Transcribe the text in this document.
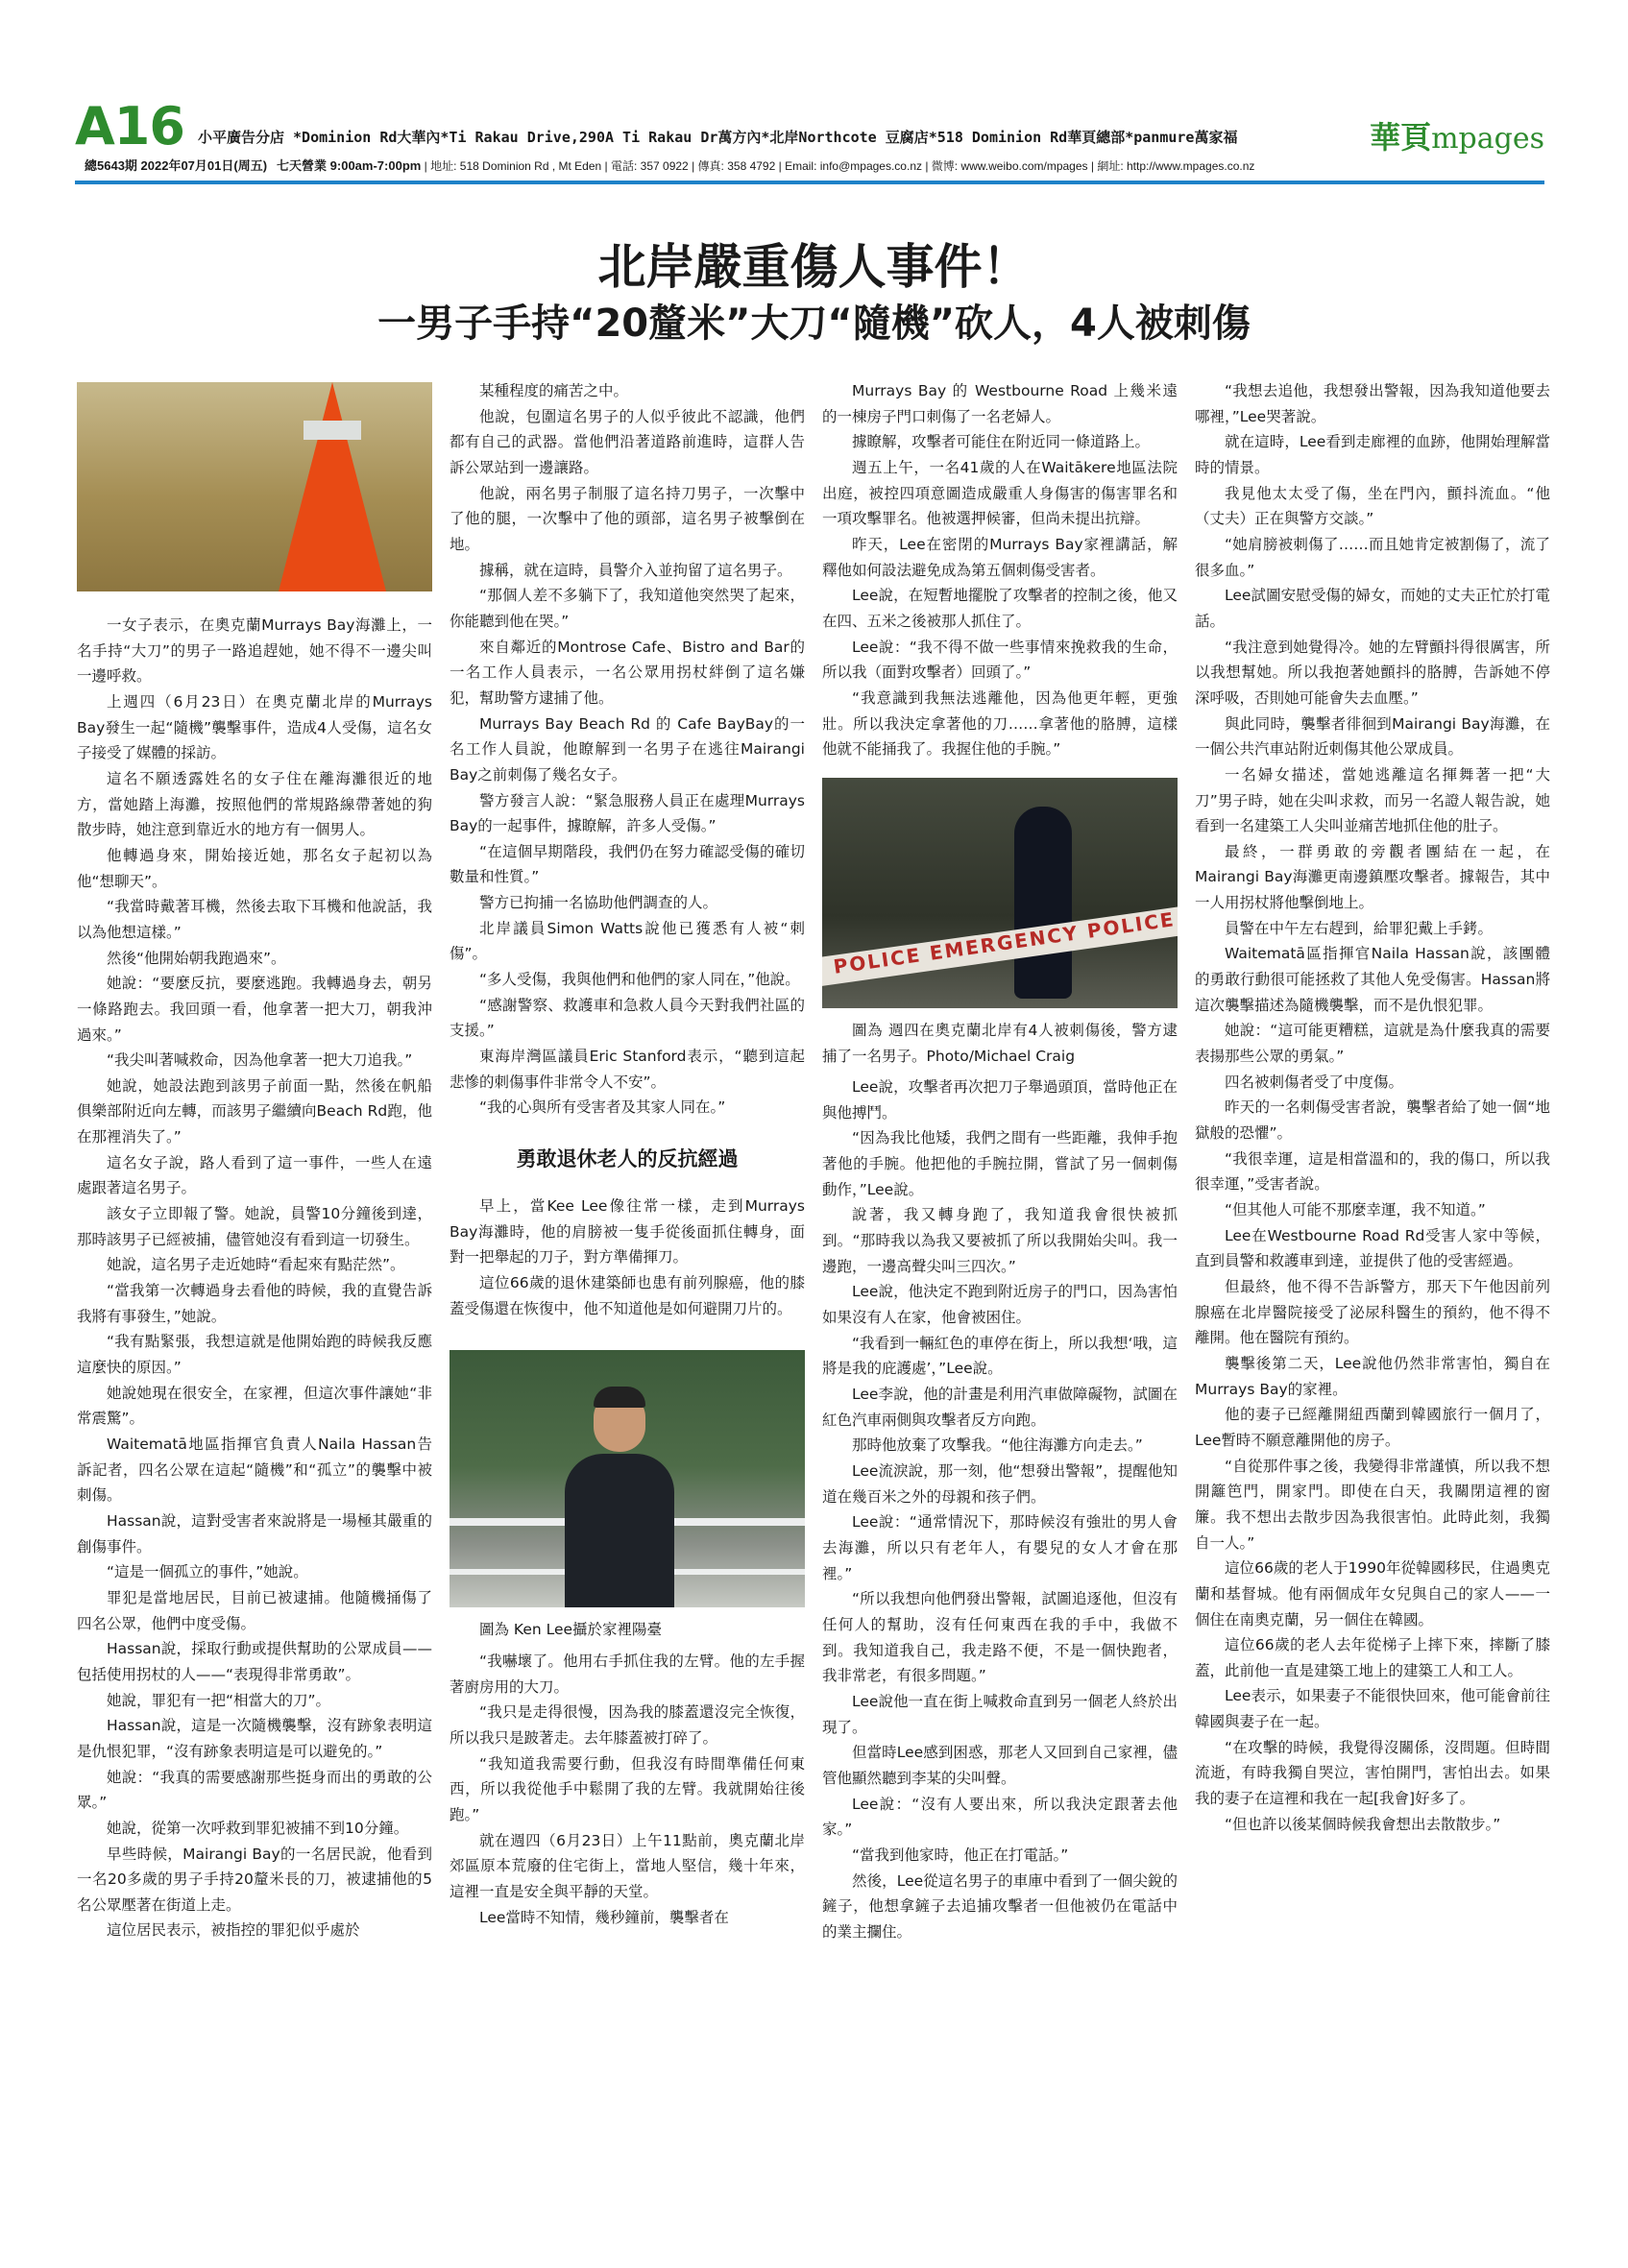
A16 小平廣告分店 *Dominion Rd大華內*Ti Rakau Drive,290A Ti Rakau Dr萬方內*北岸Northcote 豆腐店*518 Dominion Rd華頁總部*panmure萬家福	華頁mpages
總5643期 2022年07月01日(周五) 七天營業 9:00am-7:00pm | 地址: 518 Dominion Rd , Mt Eden | 電話: 357 0922 | 傳真: 358 4792 | Email: info@mpages.co.nz | 微博: www.weibo.com/mpages | 網址: http://www.mpages.co.nz
北岸嚴重傷人事件！
一男子手持“20釐米”大刀“隨機”砍人，4人被刺傷

一女子表示，在奧克蘭Murrays Bay海灘上，一名手持“大刀”的男子一路追趕她，她不得不一邊尖叫一邊呼救。

上週四（6月23日）在奧克蘭北岸的Murrays Bay發生一起“隨機”襲擊事件，造成4人受傷，這名女子接受了媒體的採訪。

這名不願透露姓名的女子住在離海灘很近的地方，當她踏上海灘，按照他們的常規路線帶著她的狗散步時，她注意到靠近水的地方有一個男人。

他轉過身來，開始接近她，那名女子起初以為他“想聊天”。

“我當時戴著耳機，然後去取下耳機和他說話，我以為他想這樣。”

然後“他開始朝我跑過來”。

她說：“要麼反抗，要麼逃跑。我轉過身去，朝另一條路跑去。我回頭一看，他拿著一把大刀，朝我沖過來。”

“我尖叫著喊救命，因為他拿著一把大刀追我。”

她說，她設法跑到該男子前面一點，然後在帆船俱樂部附近向左轉，而該男子繼續向Beach Rd跑，他在那裡消失了。”

這名女子說，路人看到了這一事件，一些人在遠處跟著這名男子。

該女子立即報了警。她說，員警10分鐘後到達，那時該男子已經被捕，儘管她沒有看到這一切發生。

她說，這名男子走近她時“看起來有點茫然”。

“當我第一次轉過身去看他的時候，我的直覺告訴我將有事發生，”她說。

“我有點緊張，我想這就是他開始跑的時候我反應這麼快的原因。”

她說她現在很安全，在家裡，但這次事件讓她“非常震驚”。

Waitematā地區指揮官負責人Naila Hassan告訴記者，四名公眾在這起“隨機”和“孤立”的襲擊中被刺傷。

Hassan說，這對受害者來說將是一場極其嚴重的創傷事件。

“這是一個孤立的事件，”她說。

罪犯是當地居民，目前已被逮捕。他隨機捅傷了四名公眾，他們中度受傷。

Hassan說，採取行動或提供幫助的公眾成員——包括使用拐杖的人——“表現得非常勇敢”。

她說，罪犯有一把“相當大的刀”。

Hassan說，這是一次隨機襲擊，沒有跡象表明這是仇恨犯罪，“沒有跡象表明這是可以避免的。”

她說：“我真的需要感謝那些挺身而出的勇敢的公眾。”

她說，從第一次呼救到罪犯被捕不到10分鐘。

早些時候，Mairangi Bay的一名居民說，他看到一名20多歲的男子手持20釐米長的刀，被逮捕他的5名公眾壓著在街道上走。

這位居民表示，被指控的罪犯似乎處於

某種程度的痛苦之中。

他說，包圍這名男子的人似乎彼此不認識，他們都有自己的武器。當他們沿著道路前進時，這群人告訴公眾站到一邊讓路。

他說，兩名男子制服了這名持刀男子，一次擊中了他的腿，一次擊中了他的頭部，這名男子被擊倒在地。

據稱，就在這時，員警介入並拘留了這名男子。

“那個人差不多躺下了，我知道他突然哭了起來，你能聽到他在哭。”

來自鄰近的Montrose Cafe、Bistro and Bar的一名工作人員表示，一名公眾用拐杖絆倒了這名嫌犯，幫助警方逮捕了他。

Murrays Bay Beach Rd 的 Cafe BayBay的一名工作人員說，他瞭解到一名男子在逃往Mairangi Bay之前刺傷了幾名女子。

警方發言人說：“緊急服務人員正在處理Murrays Bay的一起事件，據瞭解，許多人受傷。”

“在這個早期階段，我們仍在努力確認受傷的確切數量和性質。”

警方已拘捕一名協助他們調查的人。

北岸議員Simon Watts說他已獲悉有人被“刺傷”。

“多人受傷，我與他們和他們的家人同在，”他說。

“感謝警察、救護車和急救人員今天對我們社區的支援。”

東海岸灣區議員Eric Stanford表示，“聽到這起悲慘的刺傷事件非常令人不安”。

“我的心與所有受害者及其家人同在。”

勇敢退休老人的反抗經過

早上，當Kee Lee像往常一樣，走到Murrays Bay海灘時，他的肩膀被一隻手從後面抓住轉身，面對一把舉起的刀子，對方準備揮刀。

這位66歲的退休建築師也患有前列腺癌，他的膝蓋受傷還在恢復中，他不知道他是如何避開刀片的。

圖為 Ken Lee攝於家裡陽臺

“我嚇壞了。他用右手抓住我的左臂。他的左手握著廚房用的大刀。

“我只是走得很慢，因為我的膝蓋還沒完全恢復，所以我只是跛著走。去年膝蓋被打碎了。

“我知道我需要行動，但我沒有時間準備任何東西，所以我從他手中鬆開了我的左臂。我就開始往後跑。”

就在週四（6月23日）上午11點前，奧克蘭北岸郊區原本荒廢的住宅街上，當地人堅信，幾十年來，這裡一直是安全與平靜的天堂。

Lee當時不知情，幾秒鐘前，襲擊者在

Murrays Bay 的 Westbourne Road 上幾米遠的一棟房子門口刺傷了一名老婦人。

據瞭解，攻擊者可能住在附近同一條道路上。

週五上午，一名41歲的人在Waitākere地區法院出庭，被控四項意圖造成嚴重人身傷害的傷害罪名和一項攻擊罪名。他被選押候審，但尚未提出抗辯。

昨天，Lee在密閉的Murrays Bay家裡講話，解釋他如何設法避免成為第五個刺傷受害者。

Lee說，在短暫地擺脫了攻擊者的控制之後，他又在四、五米之後被那人抓住了。

Lee說：“我不得不做一些事情來挽救我的生命，所以我（面對攻擊者）回頭了。”

“我意識到我無法逃離他，因為他更年輕，更強壯。所以我決定拿著他的刀……拿著他的胳膊，這樣他就不能捅我了。我握住他的手腕。”

POLICE EMERGENCY POLICE

圖為 週四在奧克蘭北岸有4人被刺傷後，警方逮捕了一名男子。Photo/Michael Craig

Lee說，攻擊者再次把刀子舉過頭頂，當時他正在與他搏鬥。

“因為我比他矮，我們之間有一些距離，我伸手抱著他的手腕。他把他的手腕拉開，嘗試了另一個刺傷動作，”Lee說。

說著，我又轉身跑了，我知道我會很快被抓到。“那時我以為我又要被抓了所以我開始尖叫。我一邊跑，一邊高聲尖叫三四次。”

Lee說，他決定不跑到附近房子的門口，因為害怕如果沒有人在家，他會被困住。

“我看到一輛紅色的車停在街上，所以我想‘哦，這將是我的庇護處’，”Lee說。

Lee李說，他的計畫是利用汽車做障礙物，試圖在紅色汽車兩側與攻擊者反方向跑。

那時他放棄了攻擊我。“他往海灘方向走去。”

Lee流淚說，那一刻，他“想發出警報”，提醒他知道在幾百米之外的母親和孩子們。

Lee說：“通常情況下，那時候沒有強壯的男人會去海灘，所以只有老年人，有嬰兒的女人才會在那裡。”

“所以我想向他們發出警報，試圖追逐他，但沒有任何人的幫助，沒有任何東西在我的手中，我做不到。我知道我自己，我走路不便，不是一個快跑者，我非常老，有很多問題。”

Lee說他一直在街上喊救命直到另一個老人終於出現了。

但當時Lee感到困惑，那老人又回到自己家裡，儘管他顯然聽到李某的尖叫聲。

Lee說：“沒有人要出來，所以我決定跟著去他家。”

“當我到他家時，他正在打電話。”

然後，Lee從這名男子的車庫中看到了一個尖銳的鏟子，他想拿鏟子去追捕攻擊者一但他被仍在電話中的業主攔住。

“我想去追他，我想發出警報，因為我知道他要去哪裡，”Lee哭著說。

就在這時，Lee看到走廊裡的血跡，他開始理解當時的情景。

我見他太太受了傷，坐在門內，顫抖流血。“他（丈夫）正在與警方交談。”

“她肩膀被刺傷了……而且她肯定被割傷了，流了很多血。”

Lee試圖安慰受傷的婦女，而她的丈夫正忙於打電話。

“我注意到她覺得冷。她的左臂顫抖得很厲害，所以我想幫她。所以我抱著她顫抖的胳膊，告訴她不停深呼吸，否則她可能會失去血壓。”

與此同時，襲擊者徘徊到Mairangi Bay海灘，在一個公共汽車站附近刺傷其他公眾成員。

一名婦女描述，當她逃離這名揮舞著一把“大刀”男子時，她在尖叫求救，而另一名證人報告說，她看到一名建築工人尖叫並痛苦地抓住他的肚子。

最終，一群勇敢的旁觀者團結在一起，在Mairangi Bay海灘更南邊鎮壓攻擊者。據報告，其中一人用拐杖將他擊倒地上。

員警在中午左右趕到，給罪犯戴上手銬。

Waitematā區指揮官Naila Hassan說，該團體的勇敢行動很可能拯救了其他人免受傷害。Hassan將這次襲擊描述為隨機襲擊，而不是仇恨犯罪。

她說：“這可能更糟糕，這就是為什麼我真的需要表揚那些公眾的勇氣。”

四名被刺傷者受了中度傷。

昨天的一名刺傷受害者說，襲擊者給了她一個“地獄般的恐懼”。

“我很幸運，這是相當溫和的，我的傷口，所以我很幸運，”受害者說。

“但其他人可能不那麼幸運，我不知道。”

Lee在Westbourne Road Rd受害人家中等候，直到員警和救護車到達，並提供了他的受害經過。

但最終，他不得不告訴警方，那天下午他因前列腺癌在北岸醫院接受了泌尿科醫生的預約，他不得不離開。他在醫院有預約。

襲擊後第二天，Lee說他仍然非常害怕，獨自在 Murrays Bay的家裡。

他的妻子已經離開紐西蘭到韓國旅行一個月了，Lee暫時不願意離開他的房子。

“自從那件事之後，我變得非常謹慎，所以我不想開籬笆門，開家門。即使在白天，我關閉這裡的窗簾。我不想出去散步因為我很害怕。此時此刻，我獨自一人。”

這位66歲的老人于1990年從韓國移民，住過奧克蘭和基督城。他有兩個成年女兒與自己的家人——一個住在南奧克蘭，另一個住在韓國。

這位66歲的老人去年從梯子上摔下來，摔斷了膝蓋，此前他一直是建築工地上的建築工人和工人。

Lee表示，如果妻子不能很快回來，他可能會前往韓國與妻子在一起。

“在攻擊的時候，我覺得沒關係，沒問題。但時間流逝，有時我獨自哭泣，害怕開門，害怕出去。如果我的妻子在這裡和我在一起[我會]好多了。

“但也許以後某個時候我會想出去散散步。”
